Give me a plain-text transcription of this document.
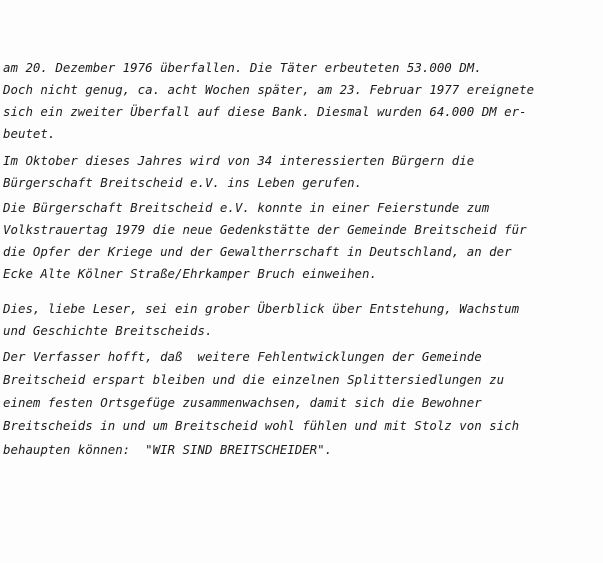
am 20. Dezember 1976 überfallen. Die Täter erbeuteten 53.000 DM.

Doch nicht genug, ca. acht Wochen später, am 23. Februar 1977 ereignete

sich ein zweiter Überfall auf diese Bank. Diesmal wurden 64.000 DM er-

beutet.

Im Oktober dieses Jahres wird von 34 interessierten Bürgern die

Bürgerschaft Breitscheid e.V. ins Leben gerufen.

Die Bürgerschaft Breitscheid e.V. konnte in einer Feierstunde zum

Volkstrauertag 1979 die neue Gedenkstätte der Gemeinde Breitscheid für

die Opfer der Kriege und der Gewaltherrschaft in Deutschland, an der

Ecke Alte Kölner Straße/Ehrkamper Bruch einweihen.

Dies, liebe Leser, sei ein grober Überblick über Entstehung, Wachstum

und Geschichte Breitscheids.

Der Verfasser hofft, daß  weitere Fehlentwicklungen der Gemeinde

Breitscheid erspart bleiben und die einzelnen Splittersiedlungen zu

einem festen Ortsgefüge zusammenwachsen, damit sich die Bewohner

Breitscheids in und um Breitscheid wohl fühlen und mit Stolz von sich

behaupten können:  "WIR SIND BREITSCHEIDER".
